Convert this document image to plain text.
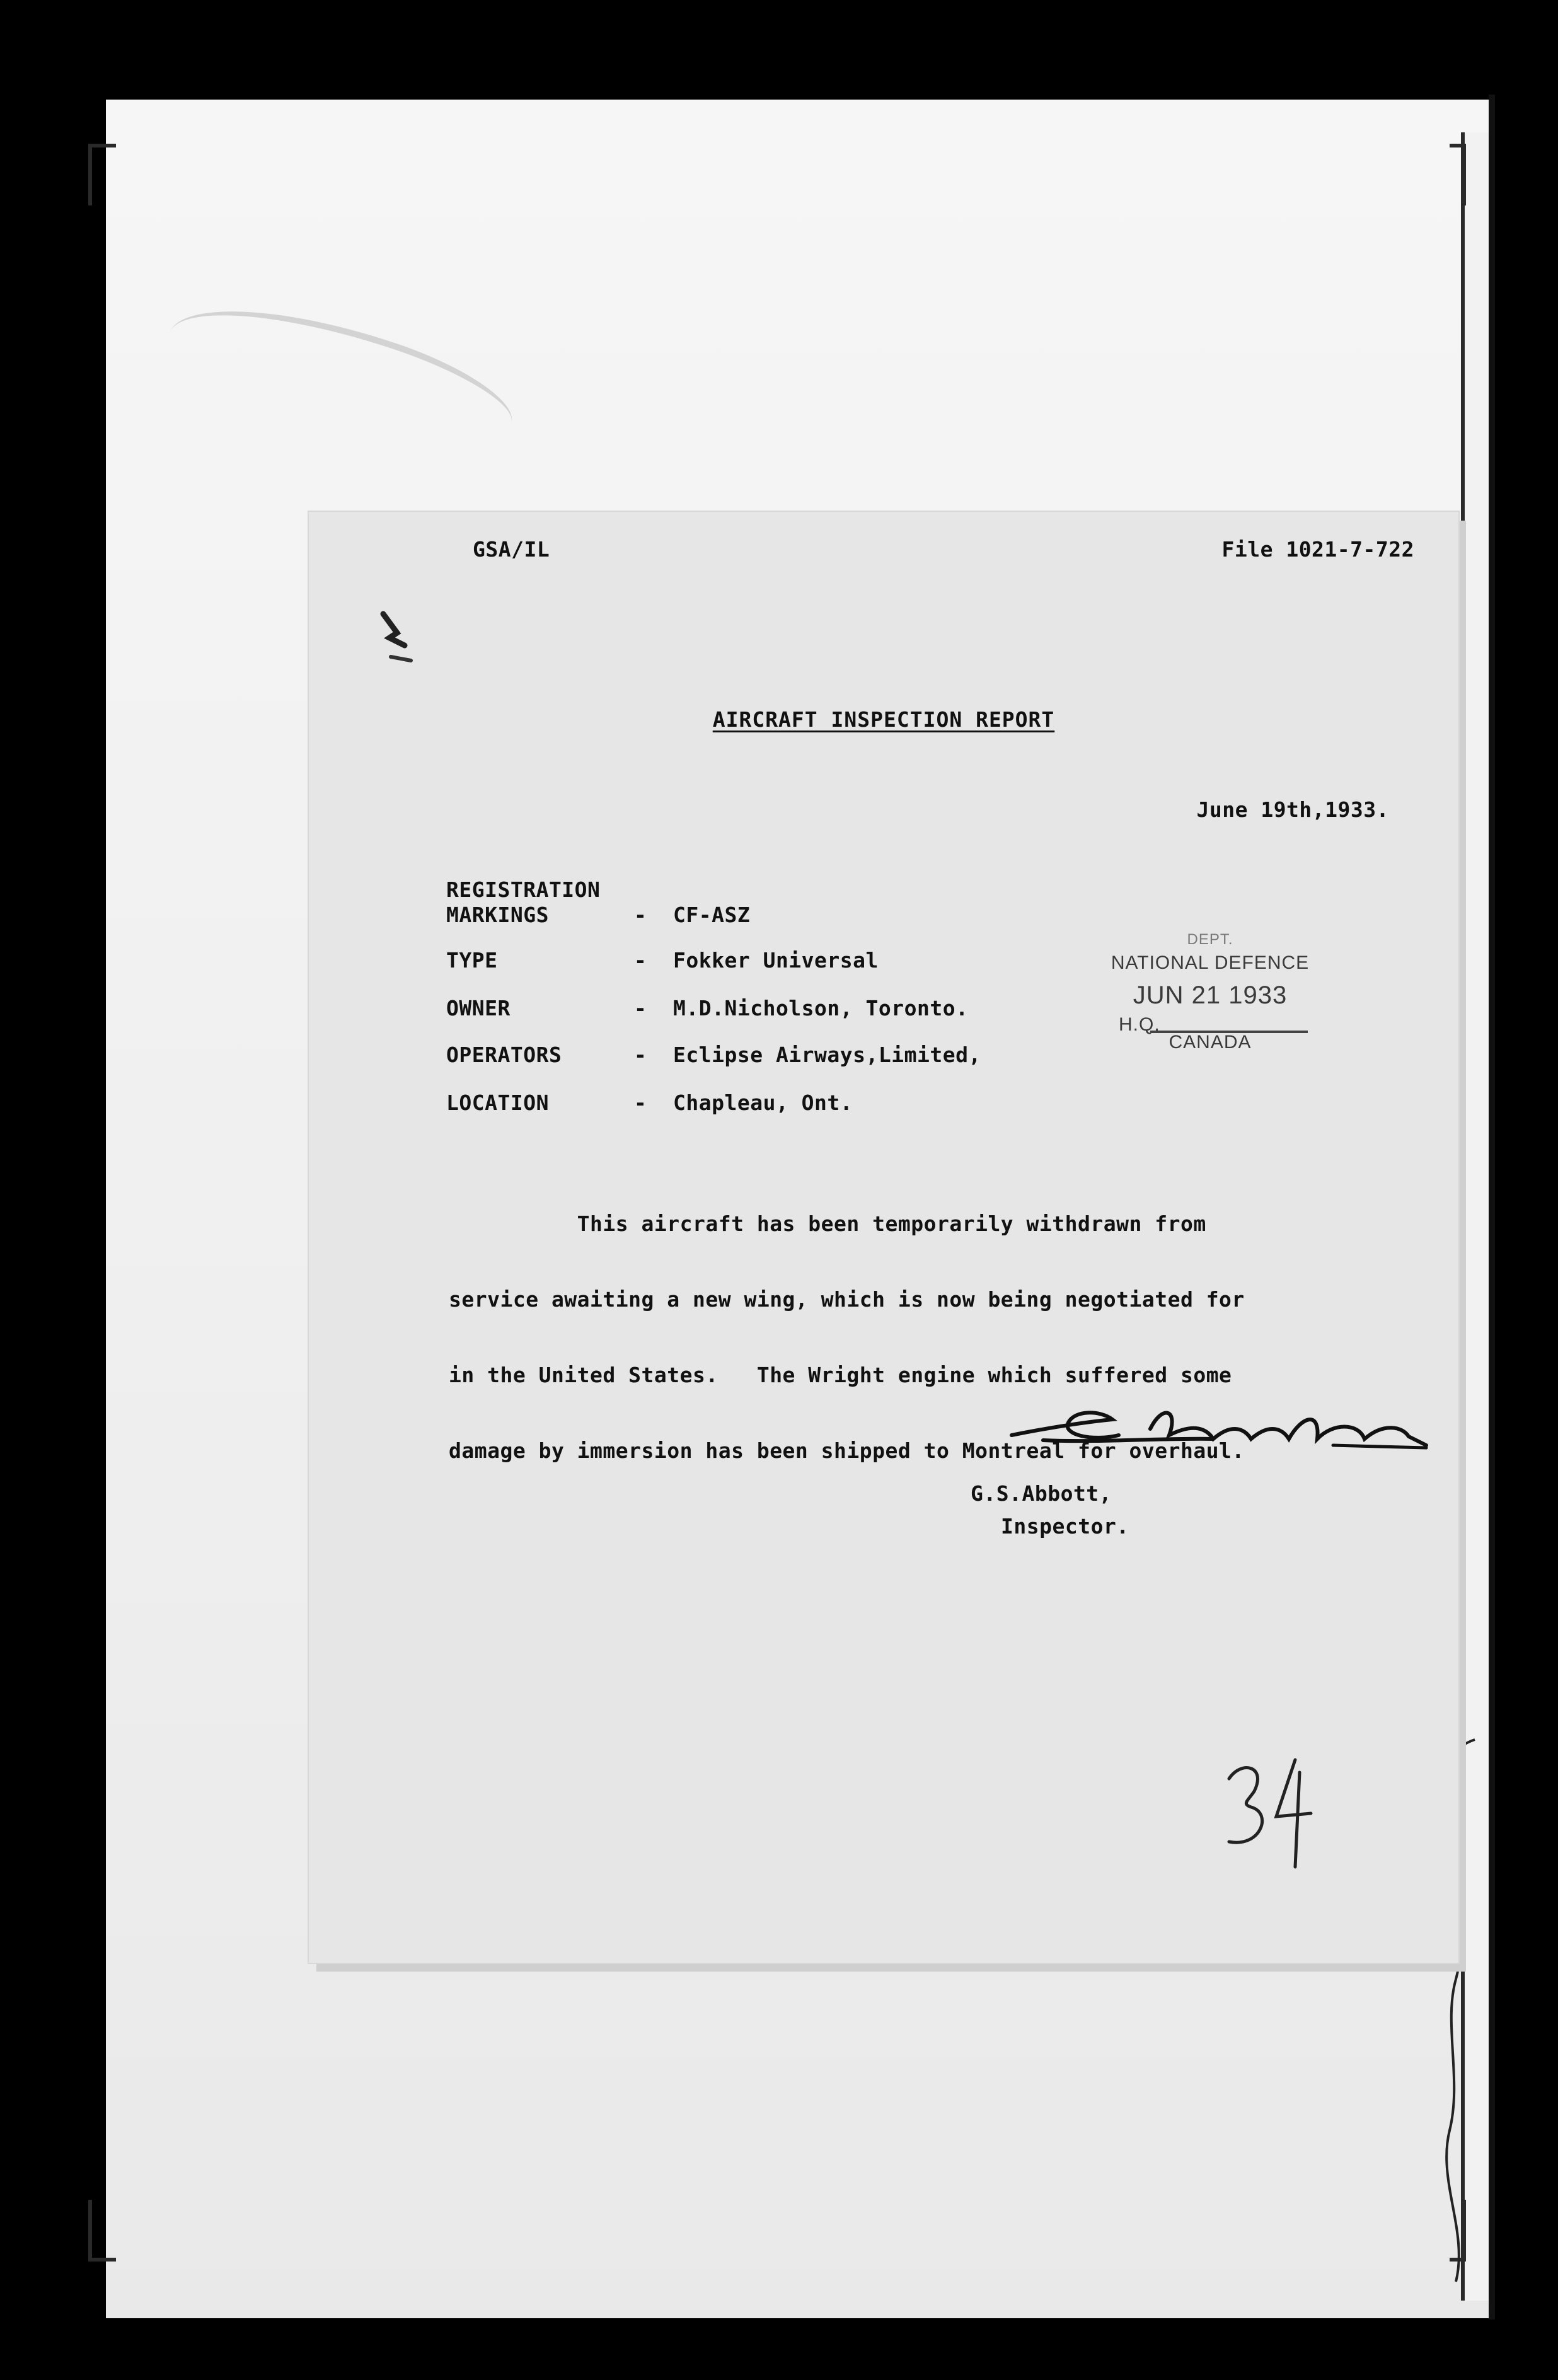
GSA/IL	File 1021-7-722
AIRCRAFT INSPECTION REPORT
June 19th,1933.
REGISTRATION
MARKINGS	- CF-ASZ
TYPE	- Fokker Universal
OWNER	- M.D.Nicholson, Toronto.
OPERATORS	- Eclipse Airways,Limited,
LOCATION	- Chapleau, Ont.
DEPT.
NATIONAL DEFENCE
JUN 21 1933
H.Q.
CANADA

This aircraft has been temporarily withdrawn from

service awaiting a new wing, which is now being negotiated for

in the United States.   The Wright engine which suffered some

damage by immersion has been shipped to Montreal for overhaul.

G.S.Abbott,
Inspector.
